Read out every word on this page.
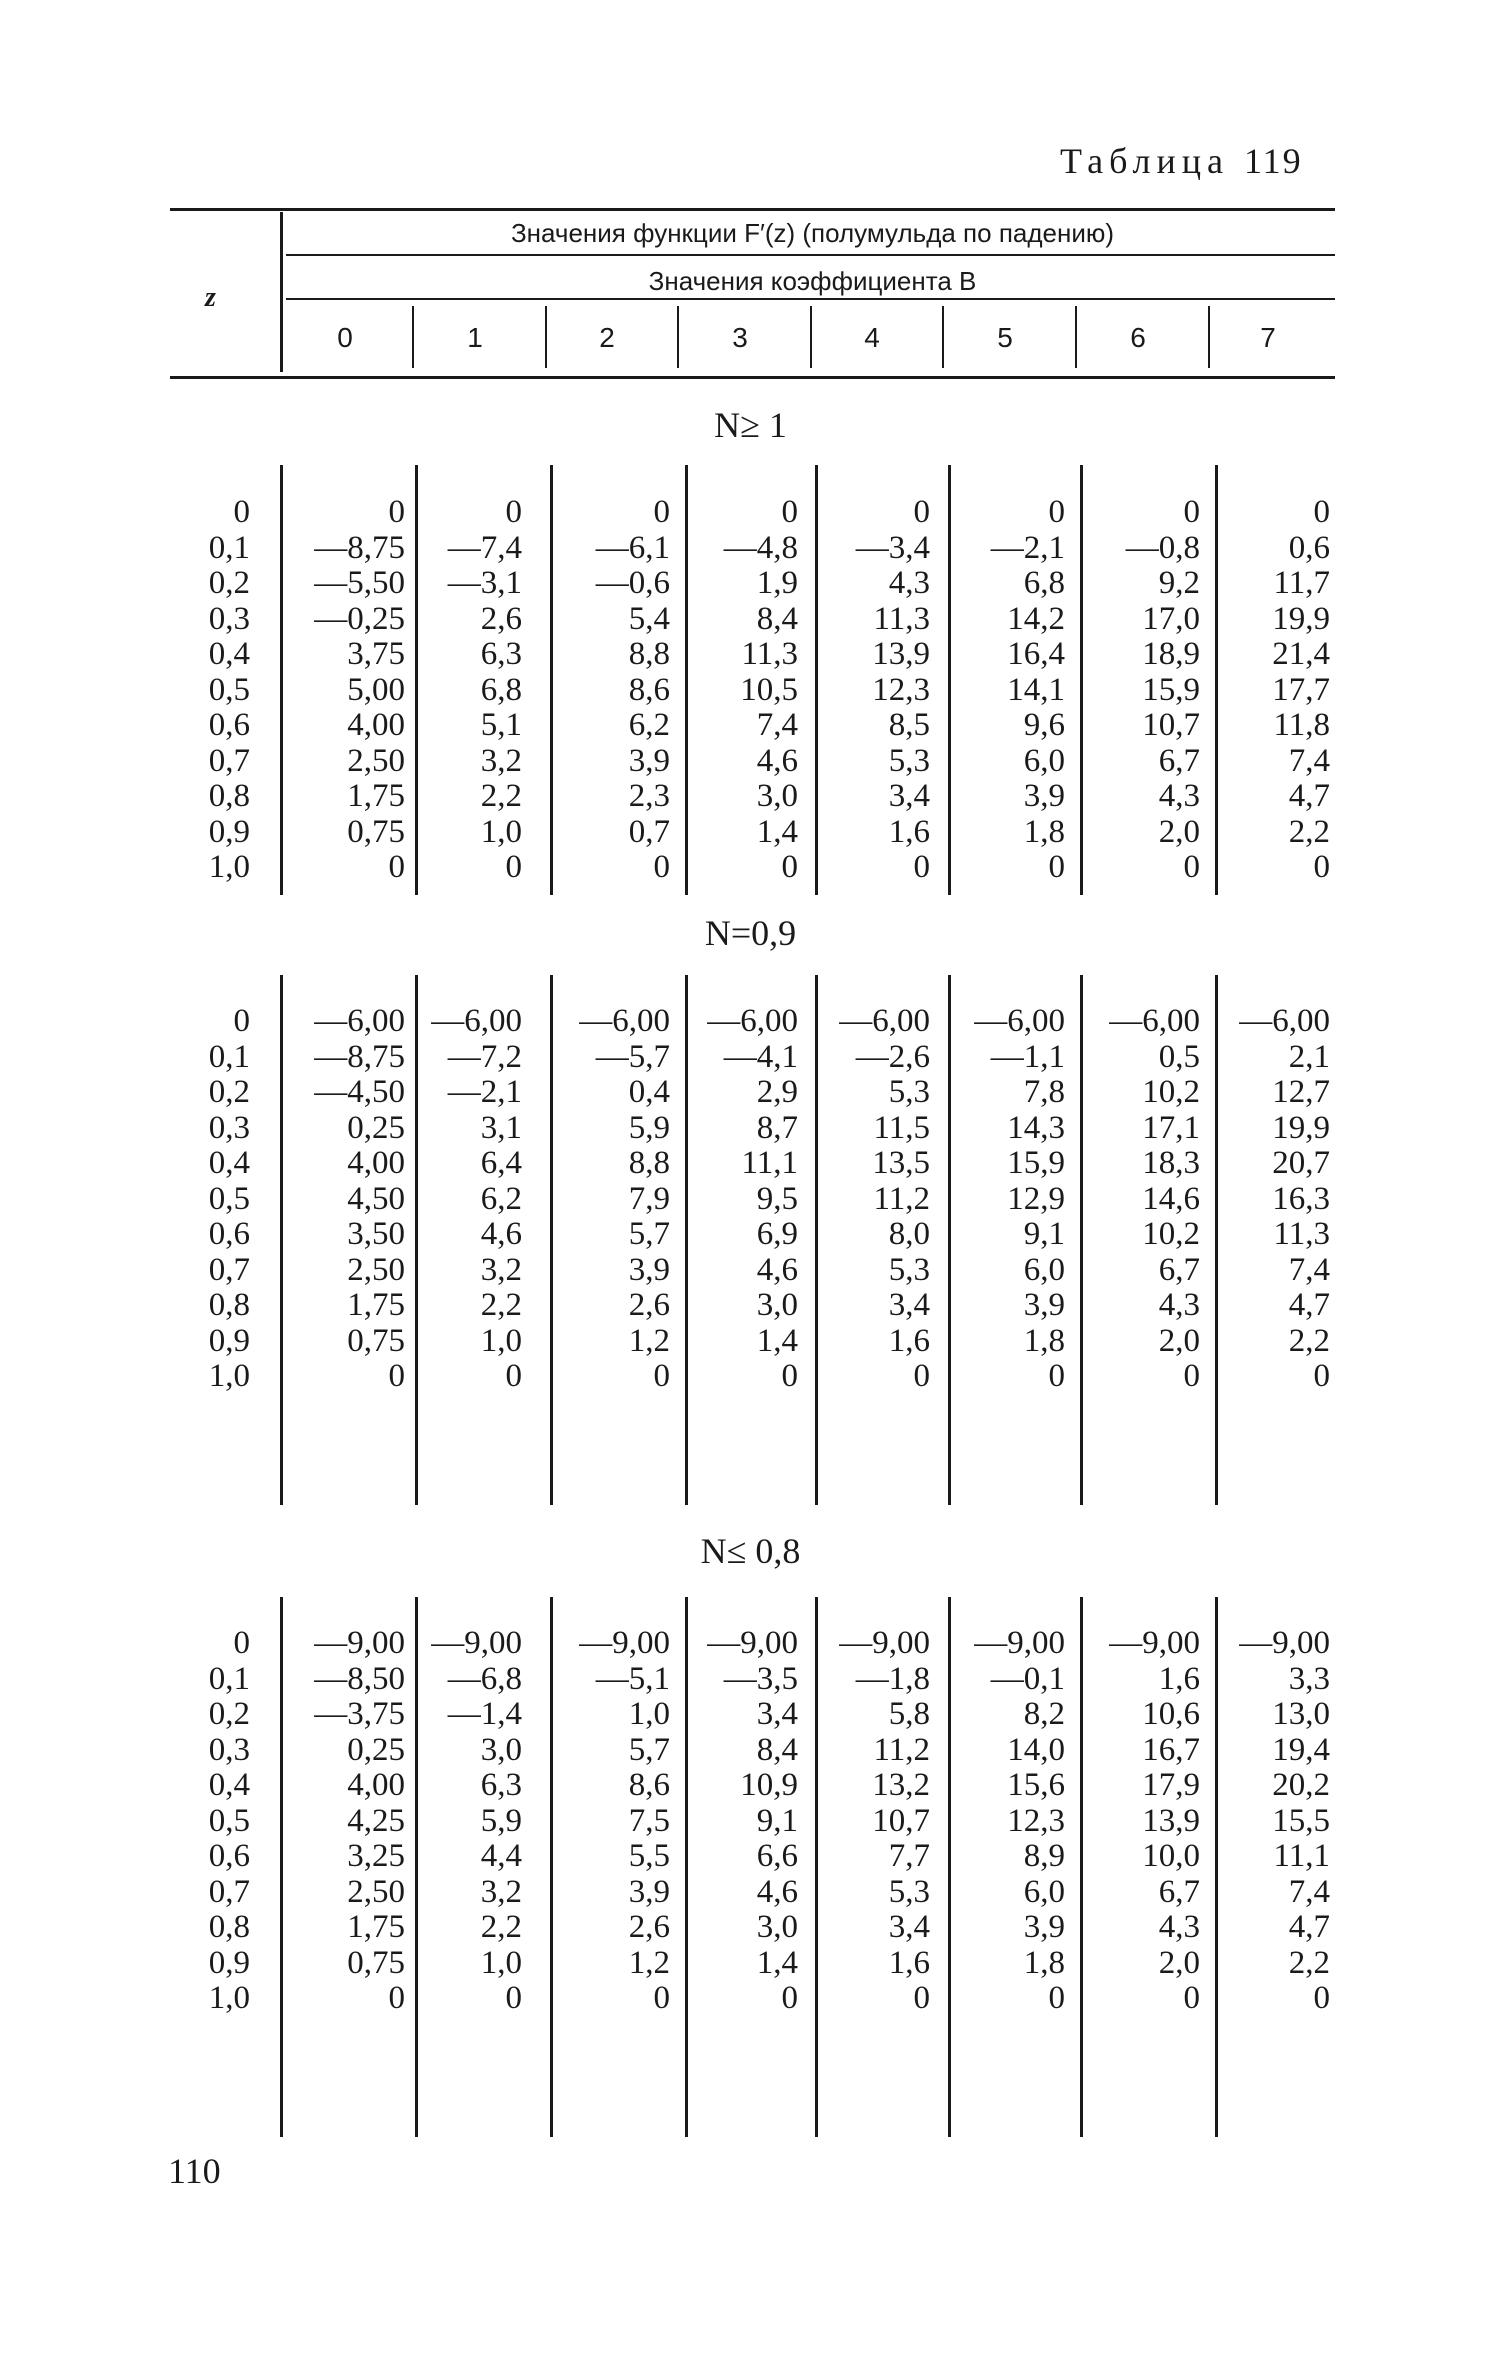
Таблица 119
Значения функции F′(z) (полумульда по падению)
Значения коэффициента B
z
0	1	2	3	4	5	6	7
N≥ 1
0	0	0	0	0	0	0	0	0
0,1 —8,75	—7,4	—6,1	—4,8	—3,4	—2,1	—0,8	0,6
0,2 —5,50	—3,1	—0,6	1,9	4,3	6,8	9,2	11,7
0,3 —0,25	2,6	5,4	8,4	11,3	14,2	17,0	19,9
0,4	3,75	6,3	8,8	11,3	13,9	16,4	18,9	21,4
0,5	5,00	6,8	8,6	10,5	12,3	14,1	15,9	17,7
0,6	4,00	5,1	6,2	7,4	8,5	9,6	10,7	11,8
0,7	2,50	3,2	3,9	4,6	5,3	6,0	6,7	7,4
0,8	1,75	2,2	2,3	3,0	3,4	3,9	4,3	4,7
0,9	0,75	1,0	0,7	1,4	1,6	1,8	2,0	2,2
1,0	0	0	0	0	0	0	0	0
N=0,9
0 —6,00 —6,00 —6,00 —6,00 —6,00 —6,00 —6,00 —6,00
0,1 —8,75	—7,2	—5,7	—4,1	—2,6	—1,1	0,5	2,1
0,2 —4,50	—2,1	0,4	2,9	5,3	7,8	10,2	12,7
0,3	0,25	3,1	5,9	8,7	11,5	14,3	17,1	19,9
0,4	4,00	6,4	8,8	11,1	13,5	15,9	18,3	20,7
0,5	4,50	6,2	7,9	9,5	11,2	12,9	14,6	16,3
0,6	3,50	4,6	5,7	6,9	8,0	9,1	10,2	11,3
0,7	2,50	3,2	3,9	4,6	5,3	6,0	6,7	7,4
0,8	1,75	2,2	2,6	3,0	3,4	3,9	4,3	4,7
0,9	0,75	1,0	1,2	1,4	1,6	1,8	2,0	2,2
1,0	0	0	0	0	0	0	0	0
N≤ 0,8
0 —9,00 —9,00 —9,00 —9,00 —9,00 —9,00 —9,00 —9,00
0,1 —8,50	—6,8	—5,1	—3,5	—1,8	—0,1	1,6	3,3
0,2 —3,75	—1,4	1,0	3,4	5,8	8,2	10,6	13,0
0,3	0,25	3,0	5,7	8,4	11,2	14,0	16,7	19,4
0,4	4,00	6,3	8,6	10,9	13,2	15,6	17,9	20,2
0,5	4,25	5,9	7,5	9,1	10,7	12,3	13,9	15,5
0,6	3,25	4,4	5,5	6,6	7,7	8,9	10,0	11,1
0,7	2,50	3,2	3,9	4,6	5,3	6,0	6,7	7,4
0,8	1,75	2,2	2,6	3,0	3,4	3,9	4,3	4,7
0,9	0,75	1,0	1,2	1,4	1,6	1,8	2,0	2,2
1,0	0	0	0	0	0	0	0	0
110
